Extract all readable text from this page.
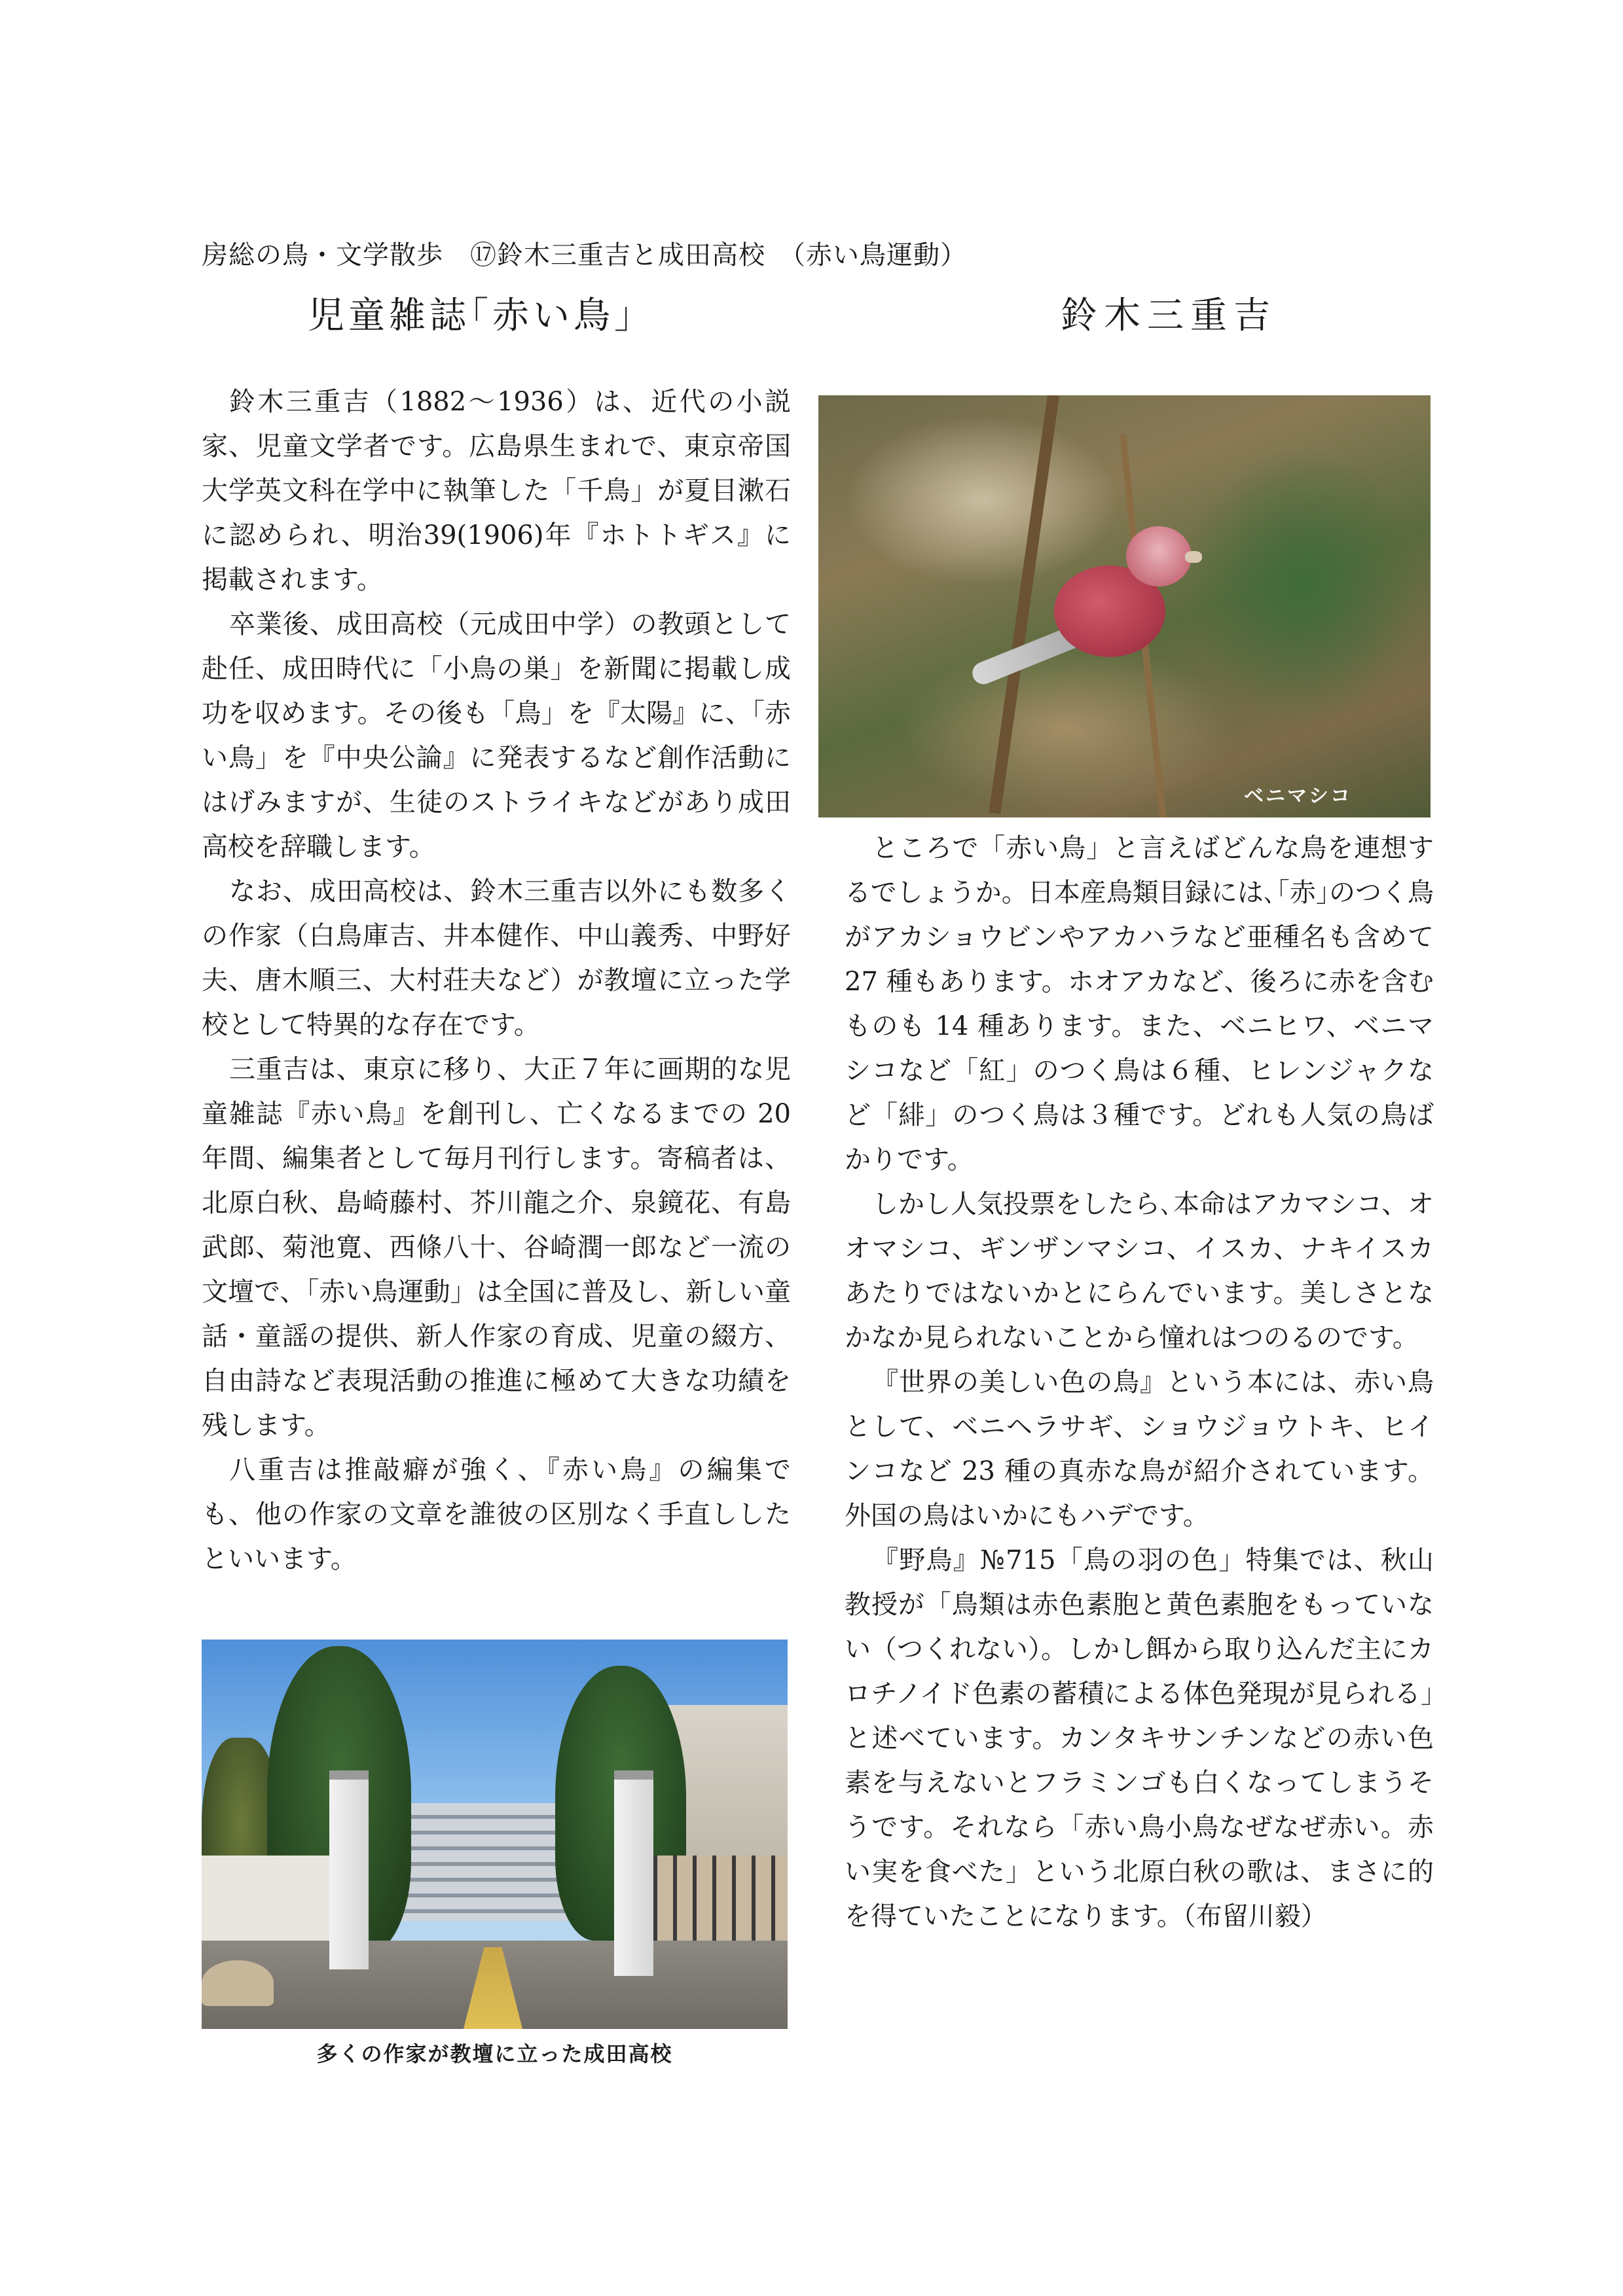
房総の鳥・文学散歩　⑰鈴木三重吉と成田高校　（赤い鳥運動）
児童雑誌｢赤い鳥｣	鈴木三重吉

鈴木三重吉（1882～1936）は、近代の小説家、児童文学者です。広島県生まれで、東京帝国大学英文科在学中に執筆した「千鳥」が夏目漱石に認められ、明治39(1906)年『ホトトギス』に掲載されます。

卒業後、成田高校（元成田中学）の教頭として赴任、成田時代に「小鳥の巣」を新聞に掲載し成功を収めます。その後も「鳥」を『太陽』に、「赤い鳥」を『中央公論』に発表するなど創作活動にはげみますが、生徒のストライキなどがあり成田高校を辞職します。

なお、成田高校は、鈴木三重吉以外にも数多くの作家（白鳥庫吉、井本健作、中山義秀、中野好夫、唐木順三、大村荘夫など）が教壇に立った学校として特異的な存在です。

三重吉は、東京に移り、大正７年に画期的な児童雑誌『赤い鳥』を創刊し、亡くなるまでの 20 年間、編集者として毎月刊行します。寄稿者は、北原白秋、島崎藤村、芥川龍之介、泉鏡花、有島武郎、菊池寛、西條八十、谷崎潤一郎など一流の文壇で、「赤い鳥運動」は全国に普及し、新しい童話・童謡の提供、新人作家の育成、児童の綴方、自由詩など表現活動の推進に極めて大きな功績を残します。

八重吉は推敲癖が強く、『赤い鳥』の編集でも、他の作家の文章を誰彼の区別なく手直ししたといいます。

ベニマシコ

ところで「赤い鳥」と言えばどんな鳥を連想するでしょうか。日本産鳥類目録には､｢赤｣のつく鳥がアカショウビンやアカハラなど亜種名も含めて 27 種もあります。ホオアカなど、後ろに赤を含むものも 14 種あります。また、ベニヒワ、ベニマシコなど「紅」のつく鳥は６種、ヒレンジャクなど「緋」のつく鳥は３種です。どれも人気の鳥ばかりです。

しかし人気投票をしたら､本命はアカマシコ、オオマシコ、ギンザンマシコ、イスカ、ナキイスカあたりではないかとにらんでいます。美しさとなかなか見られないことから憧れはつのるのです。

『世界の美しい色の鳥』という本には、赤い鳥として、ベニヘラサギ、ショウジョウトキ、ヒインコなど 23 種の真赤な鳥が紹介されています。外国の鳥はいかにもハデです。

『野鳥』№715「鳥の羽の色」特集では、秋山教授が「鳥類は赤色素胞と黄色素胞をもっていない（つくれない）。しかし餌から取り込んだ主にカロチノイド色素の蓄積による体色発現が見られる」と述べています。カンタキサンチンなどの赤い色素を与えないとフラミンゴも白くなってしまうそうです。それなら「赤い鳥小鳥なぜなぜ赤い。赤い実を食べた」という北原白秋の歌は、まさに的を得ていたことになります。（布留川毅）

多くの作家が教壇に立った成田高校
